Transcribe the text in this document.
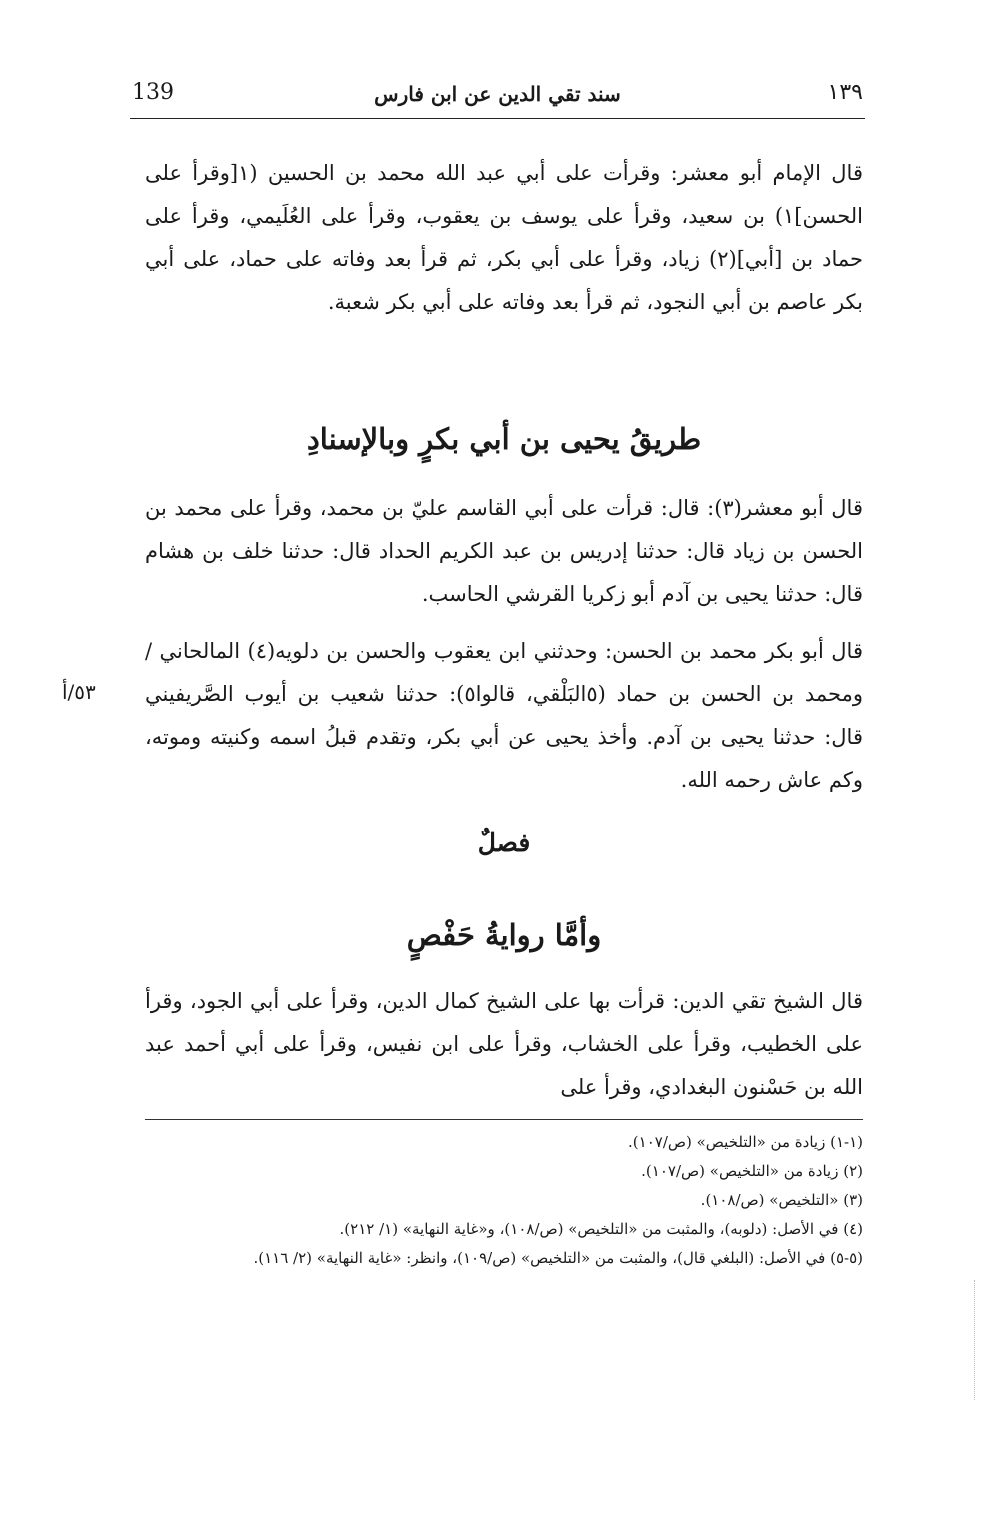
139	سند تقي الدين عن ابن فارس	١٣٩

قال الإمام أبو معشر: وقرأت على أبي عبد الله محمد بن الحسين (١[وقرأ على الحسن]١) بن سعيد، وقرأ على يوسف بن يعقوب، وقرأ على العُلَيمي، وقرأ على حماد بن [أبي](٢) زياد، وقرأ على أبي بكر، ثم قرأ بعد وفاته على حماد، على أبي بكر عاصم بن أبي النجود، ثم قرأ بعد وفاته على أبي بكر شعبة.

طريقُ يحيى بن أبي بكرٍ وبالإسنادِ

قال أبو معشر(٣): قال: قرأت على أبي القاسم عليّ بن محمد، وقرأ على محمد بن الحسن بن زياد قال: حدثنا إدريس بن عبد الكريم الحداد قال: حدثنا خلف بن هشام قال: حدثنا يحيى بن آدم أبو زكريا القرشي الحاسب.

قال أبو بكر محمد بن الحسن: وحدثني ابن يعقوب والحسن بن دلويه(٤) المالحاني / ومحمد بن الحسن بن حماد (٥البَلْقي، قالوا٥): حدثنا شعيب بن أيوب الصَّريفيني قال: حدثنا يحيى بن آدم. وأخذ يحيى عن أبي بكر، وتقدم قبلُ اسمه وكنيته وموته، وكم عاش رحمه الله.

٥٣/أ
فصلٌ
وأمَّا روايةُ حَفْصٍ

قال الشيخ تقي الدين: قرأت بها على الشيخ كمال الدين، وقرأ على أبي الجود، وقرأ على الخطيب، وقرأ على الخشاب، وقرأ على ابن نفيس، وقرأ على أبي أحمد عبد الله بن حَسْنون البغدادي، وقرأ على

(١-١) زيادة من «التلخيص» (ص/١٠٧).
(٢) زيادة من «التلخيص» (ص/١٠٧).
(٣) «التلخيص» (ص/١٠٨).
(٤) في الأصل: (دلوبه)، والمثبت من «التلخيص» (ص/١٠٨)، و«غاية النهاية» (١/ ٢١٢).
(٥-٥) في الأصل: (البلغي قال)، والمثبت من «التلخيص» (ص/١٠٩)، وانظر: «غاية النهاية» (٢/ ١١٦).
